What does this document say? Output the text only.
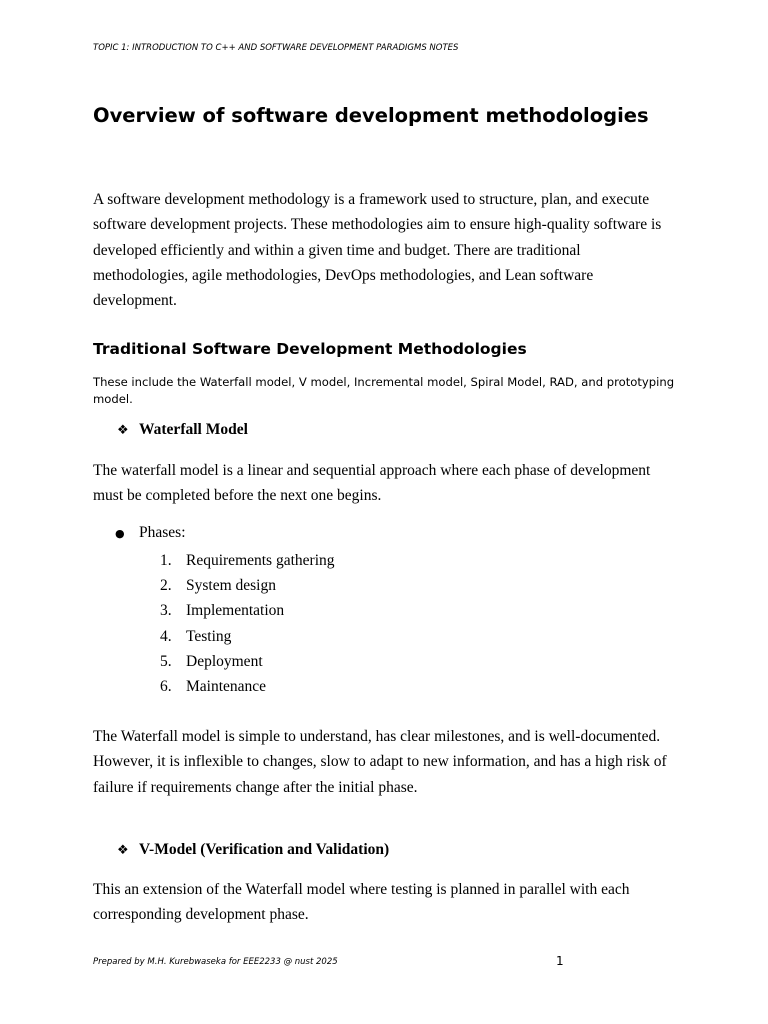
TOPIC 1: INTRODUCTION TO C++ AND SOFTWARE DEVELOPMENT PARADIGMS NOTES
Overview of software development methodologies

A software development methodology is a framework used to structure, plan, and execute software development projects. These methodologies aim to ensure high-quality software is developed efficiently and within a given time and budget. There are traditional methodologies, agile methodologies, DevOps methodologies, and Lean software development.

Traditional Software Development Methodologies

These include the Waterfall model, V model, Incremental model, Spiral Model, RAD, and prototyping model.

❖ Waterfall Model

The waterfall model is a linear and sequential approach where each phase of development must be completed before the next one begins.

● Phases:
1. Requirements gathering
2. System design
3. Implementation
4. Testing
5. Deployment
6. Maintenance

The Waterfall model is simple to understand, has clear milestones, and is well-documented. However, it is inflexible to changes, slow to adapt to new information, and has a high risk of failure if requirements change after the initial phase.

❖ V-Model (Verification and Validation)

This an extension of the Waterfall model where testing is planned in parallel with each corresponding development phase.

Prepared by M.H. Kurebwaseka for EEE2233 @ nust 2025	1
